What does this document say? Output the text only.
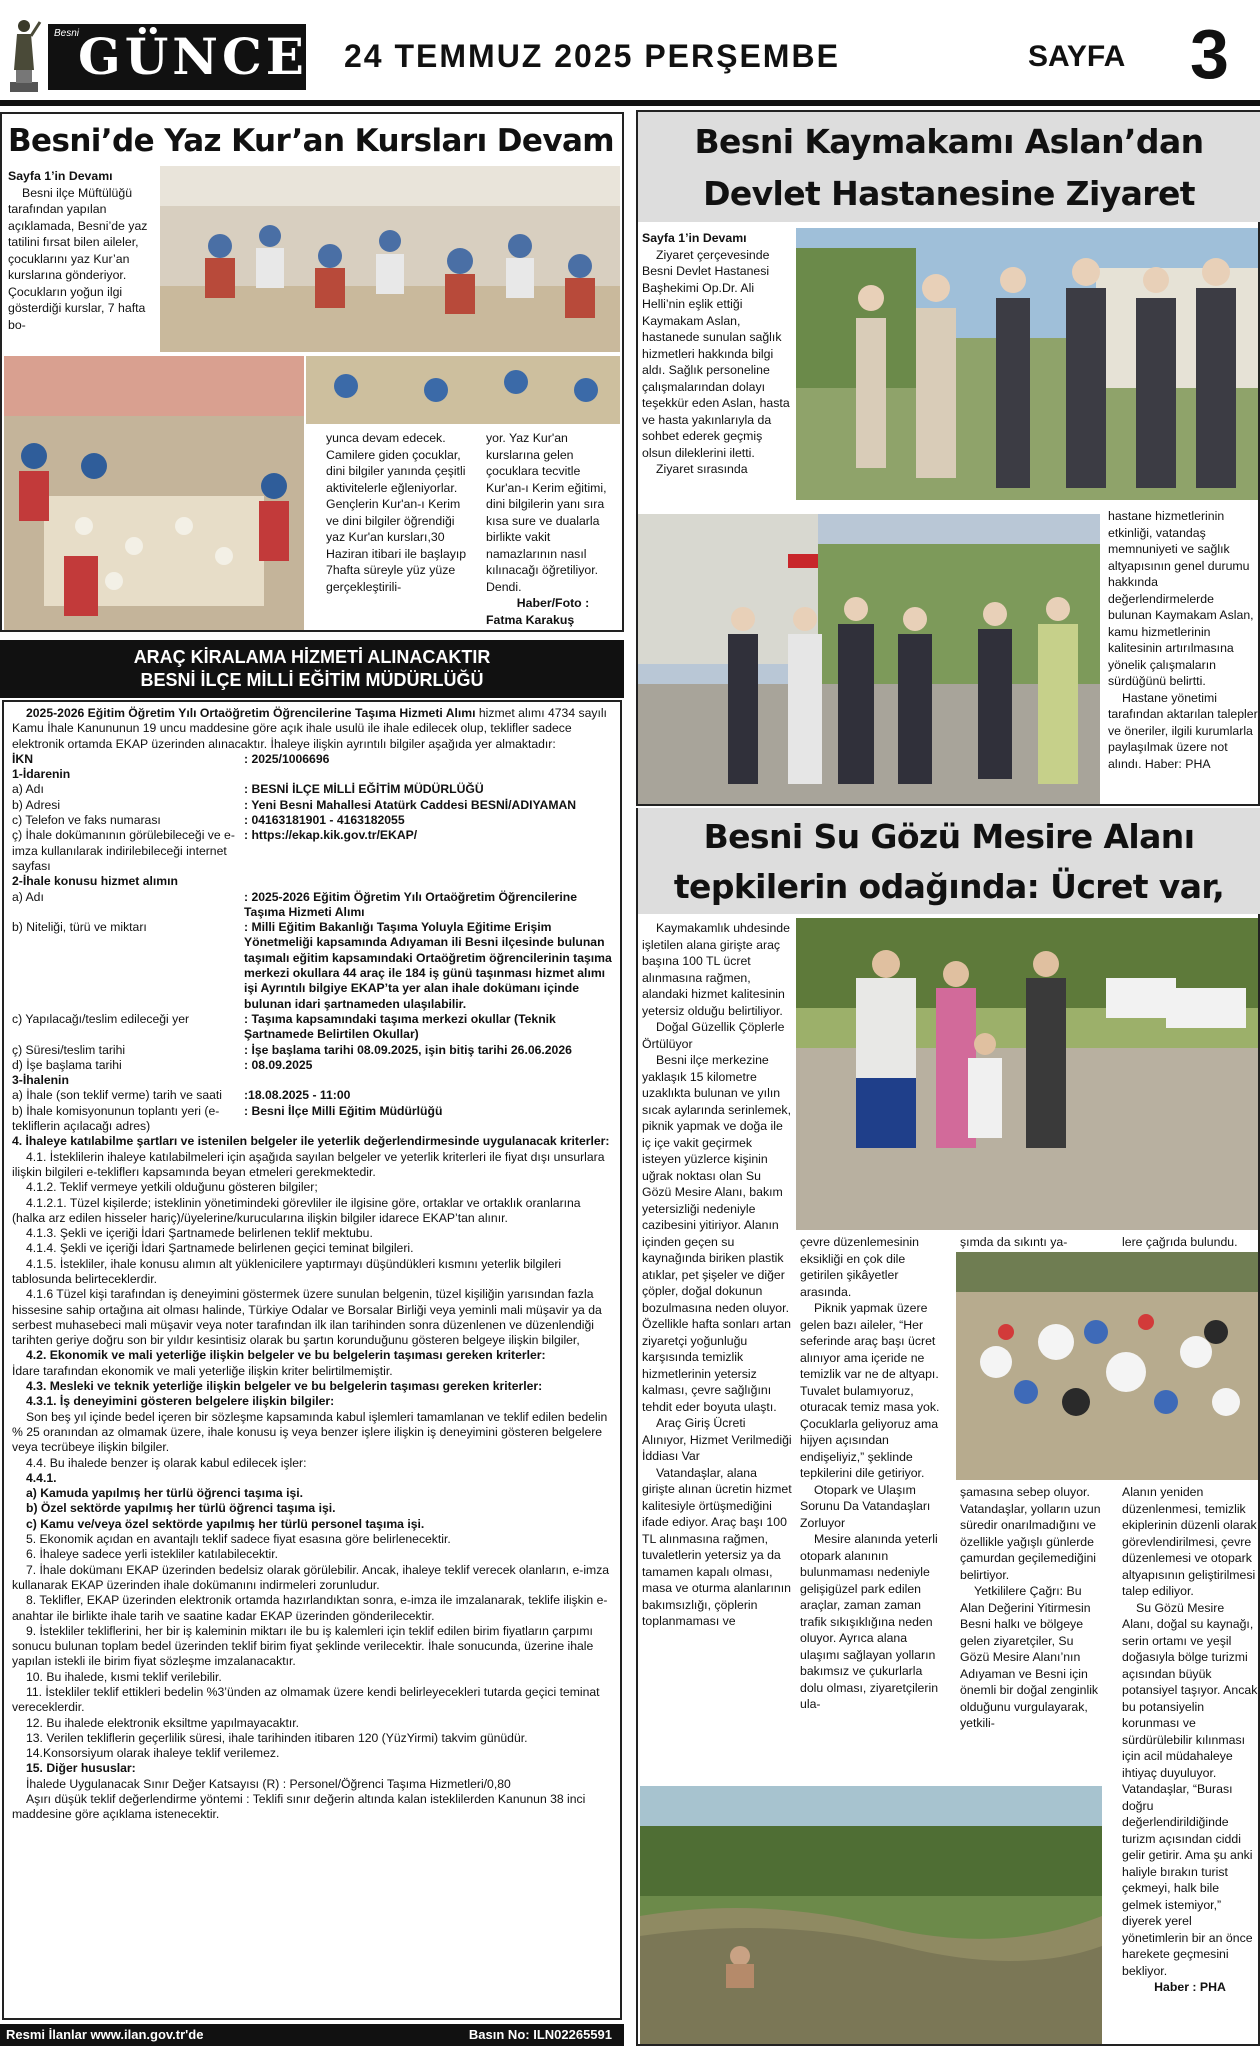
GÜNCEL
Besni
24 TEMMUZ 2025 PERŞEMBE	SAYFA 3
Besni’de Yaz Kur’an Kursları Devam

Sayfa 1’in Devamı

Besni ilçe Müftülüğü tarafından yapılan açıklamada, Besni’de yaz tatilini fırsat bilen aileler, çocuklarını yaz Kur’an kurslarına gönderiyor. Çocukların yoğun ilgi gösterdiği kurslar, 7 hafta bo-

yunca devam edecek. Camilere giden çocuklar, dini bilgiler yanında çeşitli aktivitelerle eğleniyorlar. Gençlerin Kur'an-ı Kerim ve dini bilgiler öğrendiği yaz Kur'an kursları,30 Haziran itibari ile başlayıp 7hafta süreyle yüz yüze gerçekleştirili-

yor. Yaz Kur'an kurslarına gelen çocuklara tecvitle Kur'an-ı Kerim eğitimi, dini bilgilerin yanı sıra kısa sure ve dualarla birlikte vakit namazlarının nasıl kılınacağı öğretiliyor. Dendi.

Haber/Foto :

Fatma Karakuş

Besni Kaymakamı Aslan’dan Devlet Hastanesine Ziyaret

Sayfa 1’in Devamı

Ziyaret çerçevesinde Besni Devlet Hastanesi Başhekimi Op.Dr. Ali Helli’nin eşlik ettiği Kaymakam Aslan, hastanede sunulan sağlık hizmetleri hakkında bilgi aldı. Sağlık personeline çalışmalarından dolayı teşekkür eden Aslan, hasta ve hasta yakınlarıyla da sohbet ederek geçmiş olsun dileklerini iletti.

Ziyaret sırasında

hastane hizmetlerinin etkinliği, vatandaş memnuniyeti ve sağlık altyapısının genel durumu hakkında değerlendirmelerde bulunan Kaymakam Aslan, kamu hizmetlerinin kalitesinin artırılmasına yönelik çalışmaların sürdüğünü belirtti.

Hastane yönetimi tarafından aktarılan talepler ve öneriler, ilgili kurumlarla paylaşılmak üzere not alındı. Haber: PHA

Besni Su Gözü Mesire Alanı tepkilerin odağında: Ücret var,

Kaymakamlık uhdesinde işletilen alana girişte araç başına 100 TL ücret alınmasına rağmen, alandaki hizmet kalitesinin yetersiz olduğu belirtiliyor.

Doğal Güzellik Çöplerle Örtülüyor

Besni ilçe merkezine yaklaşık 15 kilometre uzaklıkta bulunan ve yılın sıcak aylarında serinlemek, piknik yapmak ve doğa ile iç içe vakit geçirmek isteyen yüzlerce kişinin uğrak noktası olan Su Gözü Mesire Alanı, bakım yetersizliği nedeniyle cazibesini yitiriyor. Alanın içinden geçen su kaynağında biriken plastik atıklar, pet şişeler ve diğer çöpler, doğal dokunun bozulmasına neden oluyor. Özellikle hafta sonları artan ziyaretçi yoğunluğu karşısında temizlik hizmetlerinin yetersiz kalması, çevre sağlığını tehdit eder boyuta ulaştı.

Araç Giriş Ücreti Alınıyor, Hizmet Verilmediği İddiası Var

Vatandaşlar, alana girişte alınan ücretin hizmet kalitesiyle örtüşmediğini ifade ediyor. Araç başı 100 TL alınmasına rağmen, tuvaletlerin yetersiz ya da tamamen kapalı olması, masa ve oturma alanlarının bakımsızlığı, çöplerin toplanmaması ve

çevre düzenlemesinin eksikliği en çok dile getirilen şikâyetler arasında.

Piknik yapmak üzere gelen bazı aileler, “Her seferinde araç başı ücret alınıyor ama içeride ne temizlik var ne de altyapı. Tuvalet bulamıyoruz, oturacak temiz masa yok. Çocuklarla geliyoruz ama hijyen açısından endişeliyiz,” şeklinde tepkilerini dile getiriyor.

Otopark ve Ulaşım Sorunu Da Vatandaşları Zorluyor

Mesire alanında yeterli otopark alanının bulunmaması nedeniyle gelişigüzel park edilen araçlar, zaman zaman trafik sıkışıklığına neden oluyor. Ayrıca alana ulaşımı sağlayan yolların bakımsız ve çukurlarla dolu olması, ziyaretçilerin ula-

şımda da sıkıntı ya-	lere çağrıda bulundu.

şamasına sebep oluyor. Vatandaşlar, yolların uzun süredir onarılmadığını ve özellikle yağışlı günlerde çamurdan geçilemediğini belirtiyor.

Yetkililere Çağrı: Bu Alan Değerini Yitirmesin

Besni halkı ve bölgeye gelen ziyaretçiler, Su Gözü Mesire Alanı’nın Adıyaman ve Besni için önemli bir doğal zenginlik olduğunu vurgulayarak, yetkili-

Alanın yeniden düzenlenmesi, temizlik ekiplerinin düzenli olarak görevlendirilmesi, çevre düzenlemesi ve otopark altyapısının geliştirilmesi talep ediliyor.

Su Gözü Mesire Alanı, doğal su kaynağı, serin ortamı ve yeşil doğasıyla bölge turizmi açısından büyük potansiyel taşıyor. Ancak bu potansiyelin korunması ve sürdürülebilir kılınması için acil müdahaleye ihtiyaç duyuluyor. Vatandaşlar, “Burası doğru değerlendirildiğinde turizm açısından ciddi gelir getirir. Ama şu anki haliyle bırakın turist çekmeyi, halk bile gelmek istemiyor,” diyerek yerel yönetimlerin bir an önce harekete geçmesini bekliyor.

Haber : PHA

ARAÇ KİRALAMA HİZMETİ ALINACAKTIR
BESNİ İLÇE MİLLİ EĞİTİM MÜDÜRLÜĞÜ

2025-2026 Eğitim Öğretim Yılı Ortaöğretim Öğrencilerine Taşıma Hizmeti Alımı hizmet alımı 4734 sayılı Kamu İhale Kanununun 19 uncu maddesine göre açık ihale usulü ile ihale edilecek olup, teklifler sadece elektronik ortamda EKAP üzerinden alınacaktır. İhaleye ilişkin ayrıntılı bilgiler aşağıda yer almaktadır:

İKN	: 2025/1006696
1-İdarenin
a) Adı	: BESNİ İLÇE MİLLİ EĞİTİM MÜDÜRLÜĞÜ
b) Adresi	: Yeni Besni Mahallesi Atatürk Caddesi BESNİ/ADIYAMAN
c) Telefon ve faks numarası	: 04163181901 - 4163182055
ç) İhale dokümanının görülebileceği ve e-imza kullanılarak indirilebileceği internet sayfası
: https://ekap.kik.gov.tr/EKAP/
2-İhale konusu hizmet alımın
a) Adı	: 2025-2026 Eğitim Öğretim Yılı Ortaöğretim Öğrencilerine Taşıma Hizmeti Alımı
b) Niteliği, türü ve miktarı	: Milli Eğitim Bakanlığı Taşıma Yoluyla Eğitime Erişim Yönetmeliği kapsamında Adıyaman ili Besni ilçesinde bulunan taşımalı eğitim kapsamındaki Ortaöğretim öğrencilerinin taşıma merkezi okullara 44 araç ile 184 iş günü taşınması hizmet alımı işi Ayrıntılı bilgiye EKAP’ta yer alan ihale dokümanı içinde bulunan idari şartnameden ulaşılabilir.
c) Yapılacağı/teslim edileceği yer	: Taşıma kapsamındaki taşıma merkezi okullar (Teknik Şartnamede Belirtilen Okullar)
ç) Süresi/teslim tarihi	: İşe başlama tarihi 08.09.2025, işin bitiş tarihi 26.06.2026
d) İşe başlama tarihi	: 08.09.2025
3-İhalenin
a) İhale (son teklif verme) tarih ve saati	:18.08.2025 - 11:00
b) İhale komisyonunun toplantı yeri (e-tekliflerin açılacağı adres)
: Besni İlçe Milli Eğitim Müdürlüğü

4. İhaleye katılabilme şartları ve istenilen belgeler ile yeterlik değerlendirmesinde uygulanacak kriterler:

4.1. İsteklilerin ihaleye katılabilmeleri için aşağıda sayılan belgeler ve yeterlik kriterleri ile fiyat dışı unsurlara ilişkin bilgileri e-tekliflerı kapsamında beyan etmeleri gerekmektedir.

4.1.2. Teklif vermeye yetkili olduğunu gösteren bilgiler;

4.1.2.1. Tüzel kişilerde; isteklinin yönetimindeki görevliler ile ilgisine göre, ortaklar ve ortaklık oranlarına (halka arz edilen hisseler hariç)/üyelerine/kurucularına ilişkin bilgiler idarece EKAP’tan alınır.

4.1.3. Şekli ve içeriği İdari Şartnamede belirlenen teklif mektubu.

4.1.4. Şekli ve içeriği İdari Şartnamede belirlenen geçici teminat bilgileri.

4.1.5. İstekliler, ihale konusu alımın alt yüklenicilere yaptırmayı düşündükleri kısmını yeterlik bilgileri tablosunda belirteceklerdir.

4.1.6 Tüzel kişi tarafından iş deneyimini göstermek üzere sunulan belgenin, tüzel kişiliğin yarısından fazla hissesine sahip ortağına ait olması halinde, Türkiye Odalar ve Borsalar Birliği veya yeminli mali müşavir ya da serbest muhasebeci mali müşavir veya noter tarafından ilk ilan tarihinden sonra düzenlenen ve düzenlendiği tarihten geriye doğru son bir yıldır kesintisiz olarak bu şartın korunduğunu gösteren belgeye ilişkin bilgiler,

4.2. Ekonomik ve mali yeterliğe ilişkin belgeler ve bu belgelerin taşıması gereken kriterler:

İdare tarafından ekonomik ve mali yeterliğe ilişkin kriter belirtilmemiştir.

4.3. Mesleki ve teknik yeterliğe ilişkin belgeler ve bu belgelerin taşıması gereken kriterler:

4.3.1. İş deneyimini gösteren belgelere ilişkin bilgiler:

Son beş yıl içinde bedel içeren bir sözleşme kapsamında kabul işlemleri tamamlanan ve teklif edilen bedelin % 25 oranından az olmamak üzere, ihale konusu iş veya benzer işlere ilişkin iş deneyimini gösteren belgelere veya tecrübeye ilişkin bilgiler.

4.4. Bu ihalede benzer iş olarak kabul edilecek işler:

4.4.1.

a) Kamuda yapılmış her türlü öğrenci taşıma işi.

b) Özel sektörde yapılmış her türlü öğrenci taşıma işi.

c) Kamu ve/veya özel sektörde yapılmış her türlü personel taşıma işi.

5. Ekonomik açıdan en avantajlı teklif sadece fiyat esasına göre belirlenecektir.

6. İhaleye sadece yerli istekliler katılabilecektir.

7. İhale dokümanı EKAP üzerinden bedelsiz olarak görülebilir. Ancak, ihaleye teklif verecek olanların, e-imza kullanarak EKAP üzerinden ihale dokümanını indirmeleri zorunludur.

8. Teklifler, EKAP üzerinden elektronik ortamda hazırlandıktan sonra, e-imza ile imzalanarak, teklife ilişkin e-anahtar ile birlikte ihale tarih ve saatine kadar EKAP üzerinden gönderilecektir.

9. İstekliler tekliflerini, her bir iş kaleminin miktarı ile bu iş kalemleri için teklif edilen birim fiyatların çarpımı sonucu bulunan toplam bedel üzerinden teklif birim fiyat şeklinde verilecektir. İhale sonucunda, üzerine ihale yapılan istekli ile birim fiyat sözleşme imzalanacaktır.

10. Bu ihalede, kısmi teklif verilebilir.

11. İstekliler teklif ettikleri bedelin %3’ünden az olmamak üzere kendi belirleyecekleri tutarda geçici teminat vereceklerdir.

12. Bu ihalede elektronik eksiltme yapılmayacaktır.

13. Verilen tekliflerin geçerlilik süresi, ihale tarihinden itibaren 120 (YüzYirmi) takvim günüdür.

14.Konsorsiyum olarak ihaleye teklif verilemez.

15. Diğer hususlar:

İhalede Uygulanacak Sınır Değer Katsayısı (R) : Personel/Öğrenci Taşıma Hizmetleri/0,80

Aşırı düşük teklif değerlendirme yöntemi : Teklifi sınır değerin altında kalan isteklilerden Kanunun 38 inci maddesine göre açıklama istenecektir.

Resmi İlanlar www.ilan.gov.tr'de	Basın No: ILN02265591
